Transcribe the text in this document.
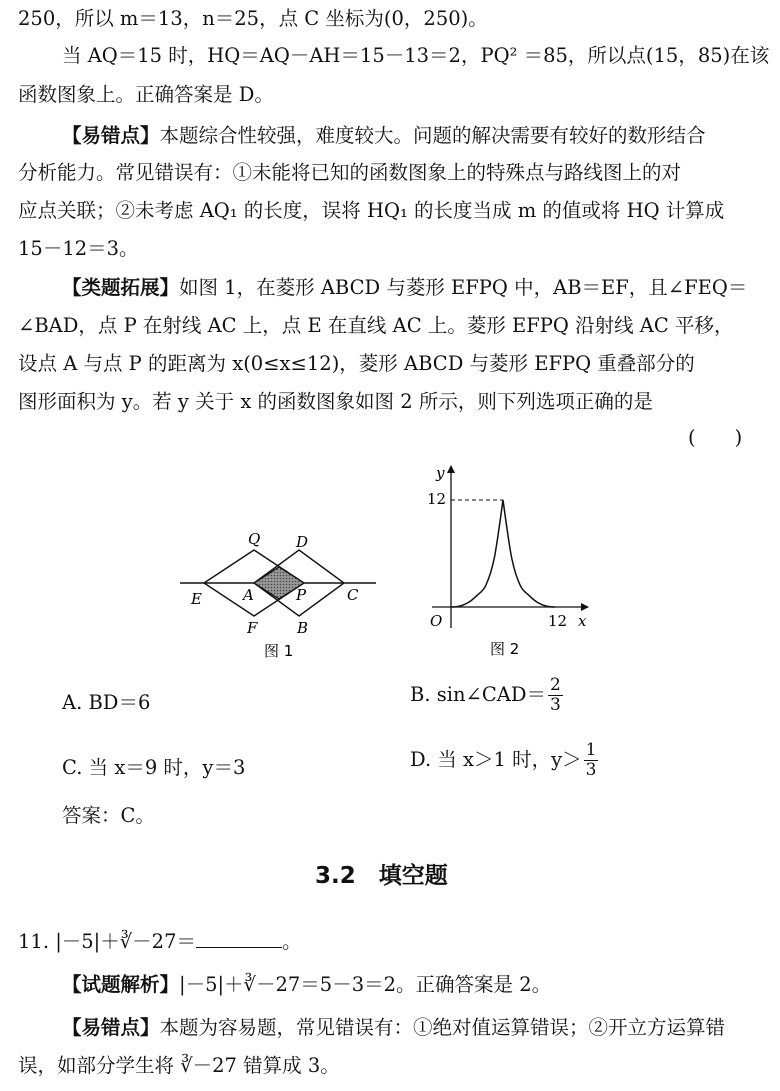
250，所以 m＝13，n＝25，点 C 坐标为(0，250)。
当 AQ＝15 时，HQ＝AQ－AH＝15－13＝2，PQ² ＝85，所以点(15，85)在该
函数图象上。正确答案是 D。
【易错点】本题综合性较强，难度较大。问题的解决需要有较好的数形结合
分析能力。常见错误有：①未能将已知的函数图象上的特殊点与路线图上的对
应点关联；②未考虑 AQ₁ 的长度，误将 HQ₁ 的长度当成 m 的值或将 HQ 计算成
15－12＝3。
【类题拓展】如图 1，在菱形 ABCD 与菱形 EFPQ 中，AB＝EF，且∠FEQ＝
∠BAD，点 P 在射线 AC 上，点 E 在直线 AC 上。菱形 EFPQ 沿射线 AC 平移，
设点 A 与点 P 的距离为 x(0≤x≤12)，菱形 ABCD 与菱形 EFPQ 重叠部分的
图形面积为 y。若 y 关于 x 的函数图象如图 2 所示，则下列选项正确的是
(　　)
Q D
E	A	P	C
F	B
图 1
y
x
O
12
12
图 2
A. BD＝6	B. sin∠CAD＝ $\frac{2}{3}$
C. 当 x＝9 时，y＝3	D. 当 x＞1 时，$y> \frac{1}{3}$
答案：C。
3.2　填空题
11. |－5|＋∛－27＝	。
【试题解析】|－5|＋∛－27＝5－3＝2。正确答案是 2。
【易错点】本题为容易题，常见错误有：①绝对值运算错误；②开立方运算错
误，如部分学生将 ∛－27 错算成 3。
